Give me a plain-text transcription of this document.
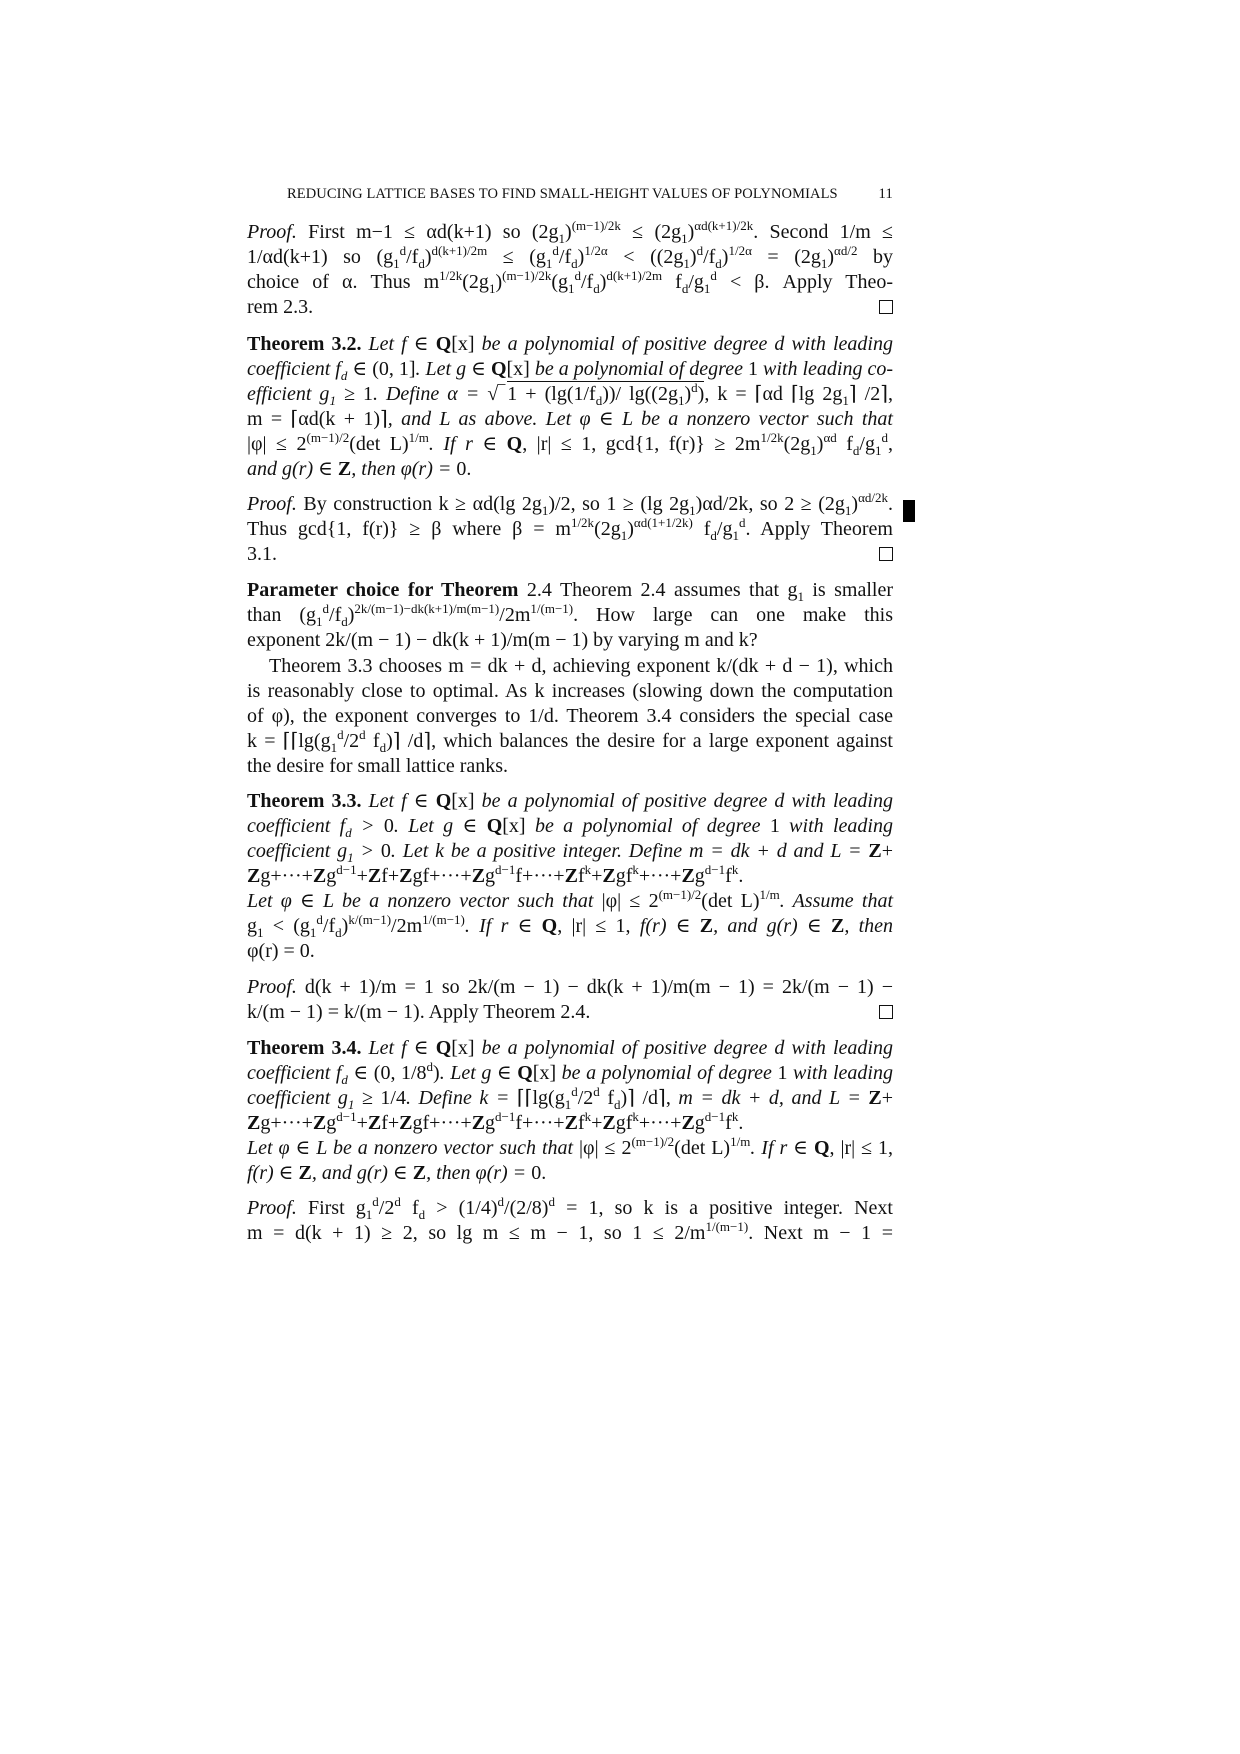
REDUCING LATTICE BASES TO FIND SMALL-HEIGHT VALUES OF POLYNOMIALS	11
Proof. First m−1 ≤ αd(k+1) so $(2g_1)^{(m-1)/2k} \le (2g_1)^{\alpha d(k+1)/2k}$. Second 1/m ≤
1/αd(k+1) so $(g_1^d/f_d)^{d(k+1)/2m} \le (g_1^d/f_d)^{1/2\alpha} < ((2g_1)^d/f_d)^{1/2\alpha} = (2g_1)^{\alpha d/2}$ by
choice of α. Thus $m^{1/2k}(2g_1)^{(m-1)/2k}(g_1^d/f_d)^{d(k+1)/2m}$ $f_d/g_1^d < \beta$. Apply Theo-
rem 2.3.
Theorem 3.2. Let f ∈ Q[x] be a polynomial of positive degree d with leading
coefficient $f_d$ ∈ (0, 1]. Let g ∈ Q[x] be a polynomial of degree 1 with leading co-
efficient $g_1 \ge 1$. Define α = √‾ $1 + (\lg(1/f_d))/$ $\lg((2g_1)^d)$, k = ⌈αd ⌈lg $2g_1⌉$ /2⌉,
m = ⌈αd(k + 1)⌉, and L as above. Let φ ∈ L be a nonzero vector such that
$|\varphi| \le 2^{(m-1)/2}(\det$ L)$^{1/m}$. If r ∈ Q, |r| ≤ 1, gcd{1, $f(r)\} \ge 2m^{1/2k}(2g_1)^{\alpha d}$ $f_d/g_1^d$,
and g(r) ∈ Z, then φ(r) = 0.
Proof. By construction k ≥ αd(lg $2g_1)/2$, so 1 ≥ (lg $2g_1)\alpha d/2k$, so $2 \ge (2g_1)^{\alpha d/2k}$.
Thus gcd{1, f(r)} ≥ β where $\beta = m^{1/2k}(2g_1)^{\alpha d(1+1/2k)}$ $f_d/g_1^d$. Apply Theorem
3.1.
Parameter choice for Theorem 2.4 Theorem 2.4 assumes that $g_1$ is smaller
than $(g_1^d/f_d)^{2k/(m-1)-dk(k+1)/m(m-1)}/2m^{1/(m-1)}$. How large can one make this
exponent 2k/(m − 1) − dk(k + 1)/m(m − 1) by varying m and k?
Theorem 3.3 chooses m = dk + d, achieving exponent k/(dk + d − 1), which
is reasonably close to optimal. As k increases (slowing down the computation
of φ), the exponent converges to 1/d. Theorem 3.4 considers the special case
$k = ⌈⌈\lg(g_1^d/2^d$ $f_d)⌉$ /d⌉, which balances the desire for a large exponent against
the desire for small lattice ranks.
Theorem 3.3. Let f ∈ Q[x] be a polynomial of positive degree d with leading
coefficient $f_d > 0$. Let g ∈ Q[x] be a polynomial of degree 1 with leading
coefficient $g_1 > 0$. Let k be a positive integer. Define m = dk + d and L = Z+
$Zg+\cdot\cdot\cdot+Zg^{d-1}+Zf+Zgf+\cdot\cdot\cdot+Zg^{d-1}f+\cdot\cdot\cdot+Zf^k+Zgf^k+\cdot\cdot\cdot+Zg^{d-1}f^k$.
Let φ ∈ L be a nonzero vector such that $|\varphi| \le 2^{(m-1)/2}(\det$ L)$^{1/m}$. Assume that
$g_1 < (g_1^d/f_d)^{k/(m-1)}/2m^{1/(m-1)}$. If r ∈ Q, |r| ≤ 1, f(r) ∈ Z, and g(r) ∈ Z, then
φ(r) = 0.
Proof. d(k + 1)/m = 1 so 2k/(m − 1) − dk(k + 1)/m(m − 1) = 2k/(m − 1) −
k/(m − 1) = k/(m − 1). Apply Theorem 2.4.
Theorem 3.4. Let f ∈ Q[x] be a polynomial of positive degree d with leading
coefficient $f_d$ ∈ (0, 1/8$^d$). Let g ∈ Q[x] be a polynomial of degree 1 with leading
coefficient $g_1 \ge 1/4$. Define $k = ⌈⌈\lg(g_1^d/2^d$ $f_d)⌉$ /d⌉, m = dk + d, and L = Z+
$Zg+\cdot\cdot\cdot+Zg^{d-1}+Zf+Zgf+\cdot\cdot\cdot+Zg^{d-1}f+\cdot\cdot\cdot+Zf^k+Zgf^k+\cdot\cdot\cdot+Zg^{d-1}f^k$.
Let φ ∈ L be a nonzero vector such that $|\varphi| \le 2^{(m-1)/2}(\det$ L)$^{1/m}$. If r ∈ Q, |r| ≤ 1,
f(r) ∈ Z, and g(r) ∈ Z, then φ(r) = 0.
Proof. First $g_1^d/2^d$ $f_d > (1/4)^d/(2/8)^d = 1$, so k is a positive integer. Next
m = d(k + 1) ≥ 2, so lg m ≤ m − 1, so $1 \le 2/m^{1/(m-1)}$. Next m − 1 =
